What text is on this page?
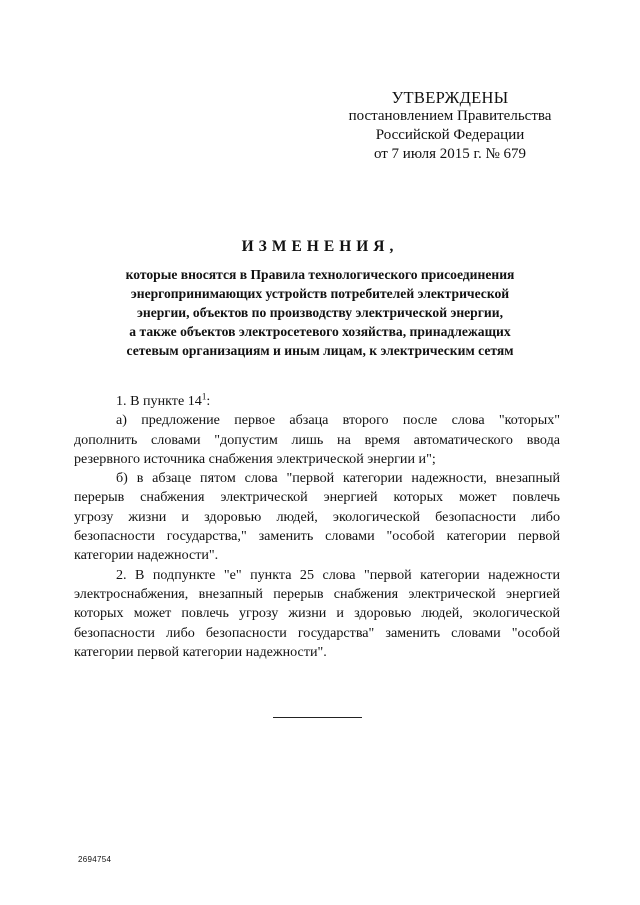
УТВЕРЖДЕНЫ
постановлением Правительства
Российской Федерации
от 7 июля 2015 г. № 679
ИЗМЕНЕНИЯ,
которые вносятся в Правила технологического присоединения
энергопринимающих устройств потребителей электрической
энергии, объектов по производству электрической энергии,
а также объектов электросетевого хозяйства, принадлежащих
сетевым организациям и иным лицам, к электрическим сетям
1. В пункте $14^1$:
а) предложение первое абзаца второго после слова "которых"
дополнить словами "допустим лишь на время автоматического ввода
резервного источника снабжения электрической энергии и";
б) в абзаце пятом слова "первой категории надежности, внезапный
перерыв снабжения электрической энергией которых может повлечь
угрозу жизни и здоровью людей, экологической безопасности либо
безопасности государства," заменить словами "особой категории первой
категории надежности".
2. В подпункте "е" пункта 25 слова "первой категории надежности
электроснабжения, внезапный перерыв снабжения электрической энергией
которых может повлечь угрозу жизни и здоровью людей, экологической
безопасности либо безопасности государства" заменить словами "особой
категории первой категории надежности".
2694754
